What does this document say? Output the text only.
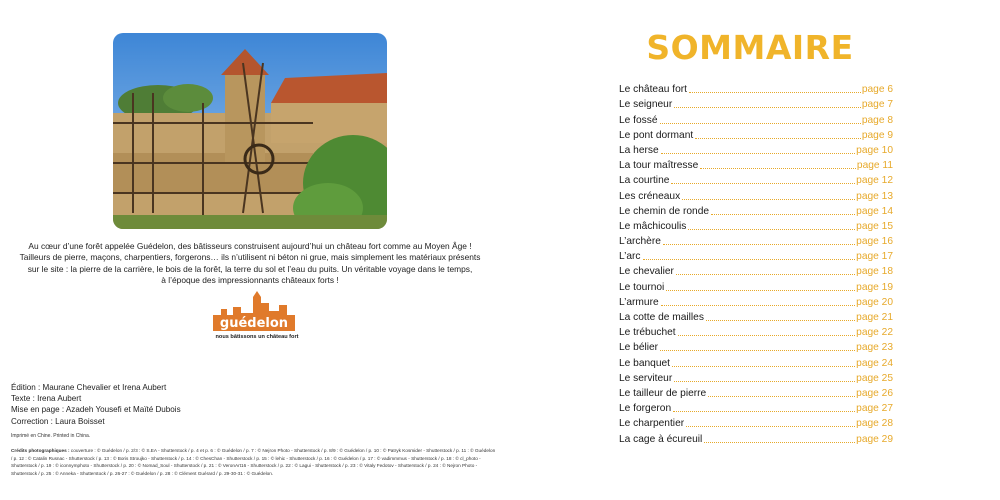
Au cœur d’une forêt appelée Guédelon, des bâtisseurs construisent aujourd’hui un château fort comme au Moyen Âge !

Tailleurs de pierre, maçons, charpentiers, forgerons… ils n’utilisent ni béton ni grue, mais simplement les matériaux présents

sur le site : la pierre de la carrière, le bois de la forêt, la terre du sol et l’eau du puits. Un véritable voyage dans le temps,

à l’époque des impressionnants châteaux forts !

guédelon
nous bâtissons un château fort
Édition : Maurane Chevalier et Irena Aubert
Texte : Irena Aubert
Mise en page : Azadeh Yousefi et Maïté Dubois
Correction : Laura Boisset
Imprimé en Chine. Printed in China.
Crédits photographiques : couverture : © Guédelon / p. 2/3 : © S.EA - Shutterstock / p. 4 et p. 6 : © Guédelon / p. 7 : © Nejron Photo - Shutterstock / p. 8/9 : © Guédelon / p. 10 : © Patryk Kosmider - Shutterstock / p. 11 : © Guédelon / p. 12 : © Catalin Rusnac - Shutterstock / p. 13 : © Boris Stroujko - Shutterstock / p. 14 : © ChesChan - Shutterstock / p. 15 : © lehic - Shutterstock / p. 16 : © Guédelon / p. 17 : © vadimmmus - Shutterstock / p. 18 : © cl_photo - Shutterstock / p. 19 : © iconnymphoto - Shutterstock / p. 20 : © Nomad_Soul - Shutterstock / p. 21 : © VeronArt16 - Shutterstock / p. 22 : © Lagui - Shutterstock / p. 23 : © Vitaly Fedotov - Shutterstock / p. 24 : © Nejron Photo - Shutterstock / p. 25 : © Anneka - Shutterstock / p. 26-27 : © Guédelon / p. 28 : © Clément Guérard / p. 29-30-31 : © Guédelon.
SOMMAIRE
Le château fort	page 6
Le seigneur	page 7
Le fossé	page 8
Le pont dormant	page 9
La herse	page 10
La tour maîtresse	page 11
La courtine	page 12
Les créneaux	page 13
Le chemin de ronde	page 14
Le mâchicoulis	page 15
L’archère	page 16
L’arc	page 17
Le chevalier	page 18
Le tournoi	page 19
L’armure	page 20
La cotte de mailles	page 21
Le trébuchet	page 22
Le bélier	page 23
Le banquet	page 24
Le serviteur	page 25
Le tailleur de pierre	page 26
Le forgeron	page 27
Le charpentier	page 28
La cage à écureuil	page 29
